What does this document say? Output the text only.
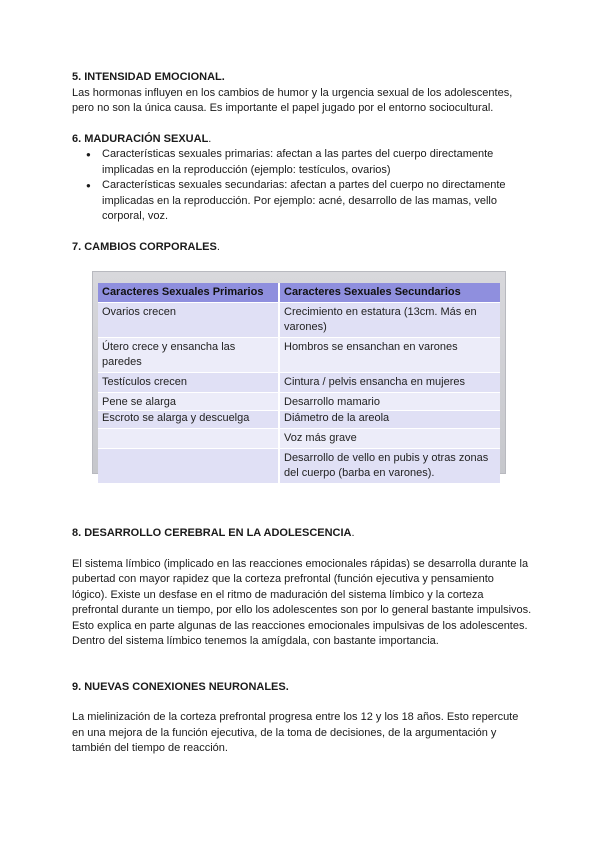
5. INTENSIDAD EMOCIONAL.

Las hormonas influyen en los cambios de humor y la urgencia sexual de los adolescentes, pero no son la única causa. Es importante el papel jugado por el entorno sociocultural.

6. MADURACIÓN SEXUAL.

● Características sexuales primarias: afectan a las partes del cuerpo directamente implicadas en la reproducción (ejemplo: testículos, ovarios)
● Características sexuales secundarias: afectan a partes del cuerpo no directamente implicadas en la reproducción. Por ejemplo: acné, desarrollo de las mamas, vello corporal, voz.

7. CAMBIOS CORPORALES.

Caracteres Sexuales Primarios	Caracteres Sexuales Secundarios
Ovarios crecen	Crecimiento en estatura (13cm. Más en varones)
Útero crece y ensancha las paredes	Hombros se ensanchan en varones
Testículos crecen	Cintura / pelvis ensancha en mujeres
Pene se alarga	Desarrollo mamario
Escroto se alarga y descuelga	Diámetro de la areola
	Voz más grave
	Desarrollo de vello en pubis y otras zonas del cuerpo (barba en varones).

8. DESARROLLO CEREBRAL EN LA ADOLESCENCIA.

El sistema límbico (implicado en las reacciones emocionales rápidas) se desarrolla durante la pubertad con mayor rapidez que la corteza prefrontal (función ejecutiva y pensamiento lógico). Existe un desfase en el ritmo de maduración del sistema límbico y la corteza prefrontal durante un tiempo, por ello los adolescentes son por lo general bastante impulsivos.

Esto explica en parte algunas de las reacciones emocionales impulsivas de los adolescentes.

Dentro del sistema límbico tenemos la amígdala, con bastante importancia.

9. NUEVAS CONEXIONES NEURONALES.

La mielinización de la corteza prefrontal progresa entre los 12 y los 18 años. Esto repercute en una mejora de la función ejecutiva, de la toma de decisiones, de la argumentación y también del tiempo de reacción.
